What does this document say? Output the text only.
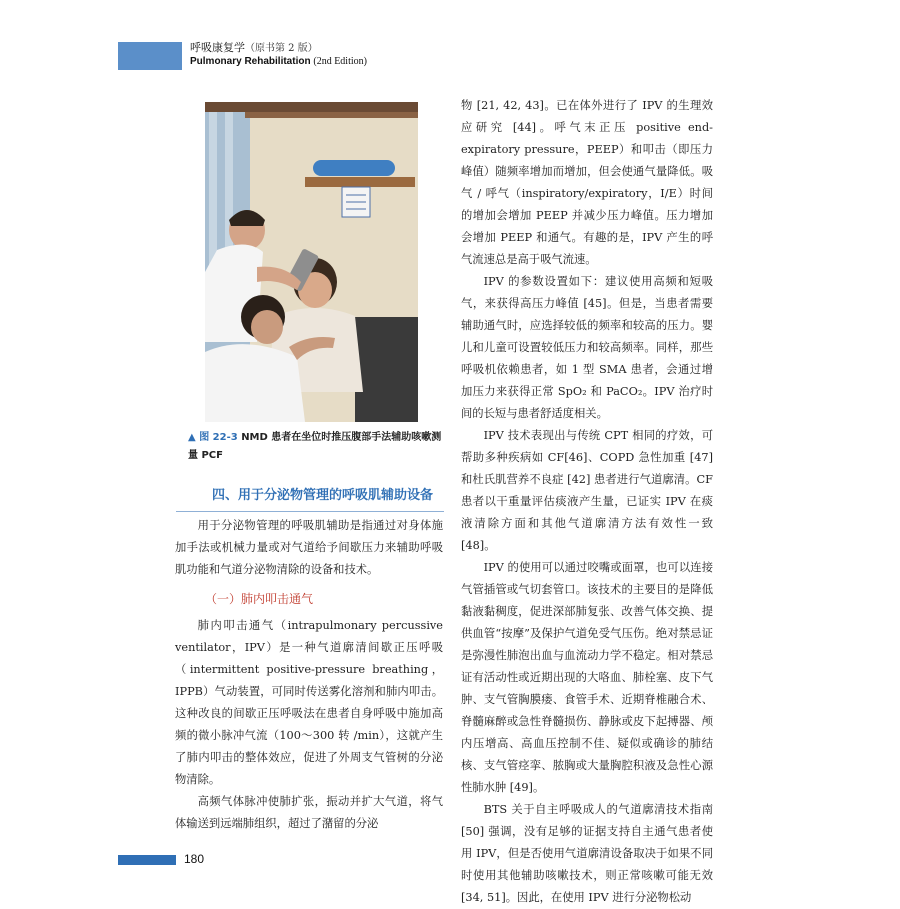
呼吸康复学（原书第 2 版）
Pulmonary Rehabilitation (2nd Edition)
▲ 图 22-3 NMD 患者在坐位时推压腹部手法辅助咳嗽测量 PCF
四、用于分泌物管理的呼吸肌辅助设备

用于分泌物管理的呼吸肌辅助是指通过对身体施加手法或机械力量或对气道给予间歇压力来辅助呼吸肌功能和气道分泌物清除的设备和技术。

（一）肺内叩击通气

肺内叩击通气（intrapulmonary percussive ventilator，IPV）是一种气道廓清间歇正压呼吸（intermittent positive-pressure breathing，IPPB）气动装置，可同时传送雾化溶剂和肺内叩击。这种改良的间歇正压呼吸法在患者自身呼吸中施加高频的微小脉冲气流（100～300 转 /min），这就产生了肺内叩击的整体效应，促进了外周支气管树的分泌物清除。

高频气体脉冲使肺扩张，振动并扩大气道，将气体输送到远端肺组织，超过了潴留的分泌

物 [21, 42, 43]。已在体外进行了 IPV 的生理效应研究 [44]。呼气末正压 positive end-expiratory pressure，PEEP）和叩击（即压力峰值）随频率增加而增加，但会使通气量降低。吸气 / 呼气（inspiratory/expiratory，I/E）时间的增加会增加 PEEP 并减少压力峰值。压力增加会增加 PEEP 和通气。有趣的是，IPV 产生的呼气流速总是高于吸气流速。

IPV 的参数设置如下：建议使用高频和短吸气，来获得高压力峰值 [45]。但是，当患者需要辅助通气时，应选择较低的频率和较高的压力。婴儿和儿童可设置较低压力和较高频率。同样，那些呼吸机依赖患者，如 1 型 SMA 患者，会通过增加压力来获得正常 SpO₂ 和 PaCO₂。IPV 治疗时间的长短与患者舒适度相关。

IPV 技术表现出与传统 CPT 相同的疗效，可帮助多种疾病如 CF[46]、COPD 急性加重 [47] 和杜氏肌营养不良症 [42] 患者进行气道廓清。CF 患者以干重量评估痰液产生量，已证实 IPV 在痰液清除方面和其他气道廓清方法有效性一致 [48]。

IPV 的使用可以通过咬嘴或面罩，也可以连接气管插管或气切套管口。该技术的主要目的是降低黏液黏稠度，促进深部肺复张、改善气体交换、提供血管“按摩”及保护气道免受气压伤。绝对禁忌证是弥漫性肺泡出血与血流动力学不稳定。相对禁忌证有活动性或近期出现的大咯血、肺栓塞、皮下气肿、支气管胸膜瘘、食管手术、近期脊椎融合术、脊髓麻醉或急性脊髓损伤、静脉或皮下起搏器、颅内压增高、高血压控制不佳、疑似或确诊的肺结核、支气管痉挛、脓胸或大量胸腔积液及急性心源性肺水肿 [49]。

BTS 关于自主呼吸成人的气道廓清技术指南 [50] 强调，没有足够的证据支持自主通气患者使用 IPV，但是否使用气道廓清设备取决于如果不同时使用其他辅助咳嗽技术，则正常咳嗽可能无效 [34, 51]。因此，在使用 IPV 进行分泌物松动

180
